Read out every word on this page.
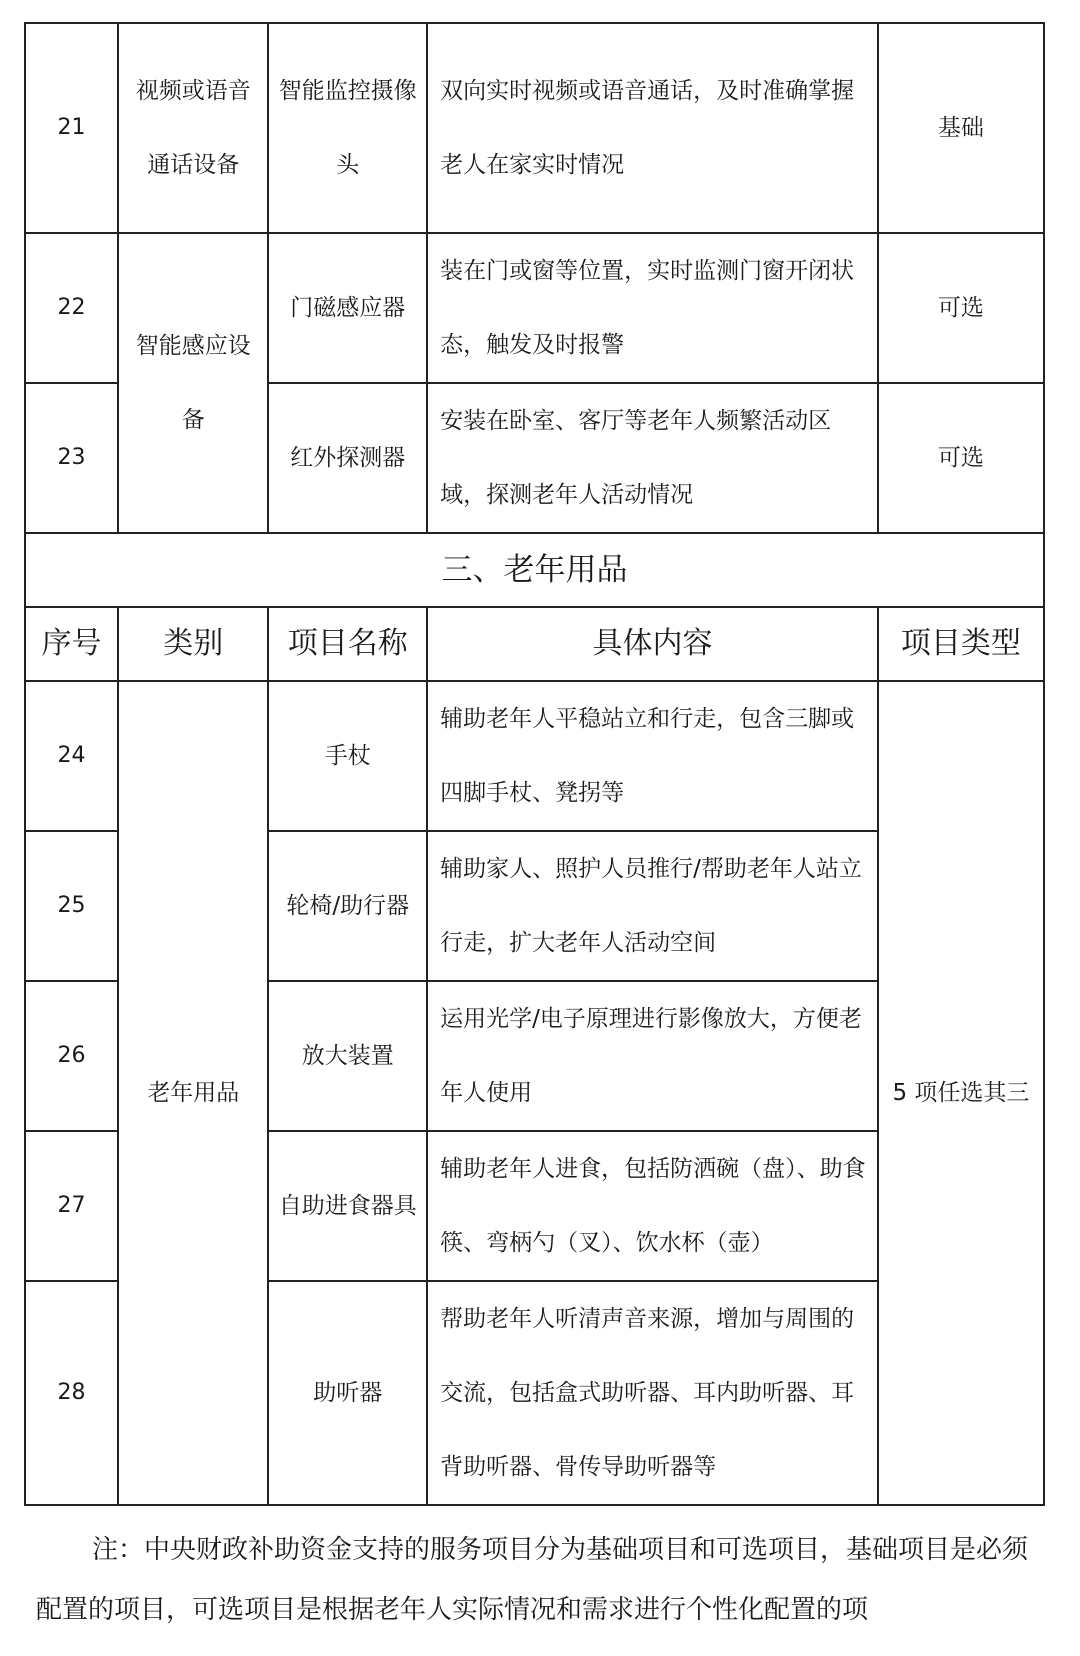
21	视频或语音通话设备	智能监控摄像头	双向实时视频或语音通话，及时准确掌握老人在家实时情况	基础
22	智能感应设备	门磁感应器	装在门或窗等位置，实时监测门窗开闭状态，触发及时报警	可选
23		红外探测器	安装在卧室、客厅等老年人频繁活动区域，探测老年人活动情况	可选
三、老年用品				
序号	类别	项目名称	具体内容	项目类型
24	老年用品	手杖	辅助老年人平稳站立和行走，包含三脚或四脚手杖、凳拐等	5 项任选其三
25		轮椅/助行器	辅助家人、照护人员推行/帮助老年人站立行走，扩大老年人活动空间	
26		放大装置	运用光学/电子原理进行影像放大，方便老年人使用	
27		自助进食器具	辅助老年人进食，包括防洒碗（盘）、助食筷、弯柄勺（叉）、饮水杯（壶）	
28		助听器	帮助老年人听清声音来源，增加与周围的交流，包括盒式助听器、耳内助听器、耳背助听器、骨传导助听器等	

注：中央财政补助资金支持的服务项目分为基础项目和可选项目，基础项目是必须配置的项目，可选项目是根据老年人实际情况和需求进行个性化配置的项
